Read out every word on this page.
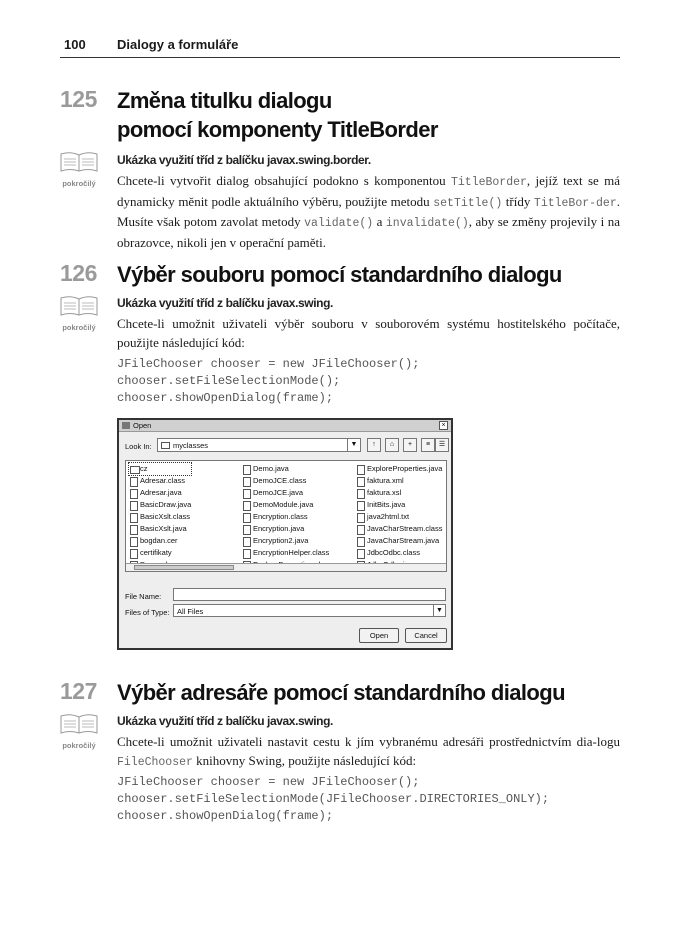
100 Dialogy a formuláře
125 Změna titulku dialogu
pomocí komponenty TitleBorder
pokročilý
Ukázka využití tříd z balíčku javax.swing.border.

Chcete-li vytvořit dialog obsahující podokno s komponentou TitleBorder, jejíž text se má dynamicky měnit podle aktuálního výběru, použijte metodu setTitle() třídy TitleBor-der. Musíte však potom zavolat metody validate() a invalidate(), aby se změny projevily i na obrazovce, nikoli jen v operační paměti.

126 Výběr souboru pomocí standardního dialogu
pokročilý
Ukázka využití tříd z balíčku javax.swing.

Chcete-li umožnit uživateli výběr souboru v souborovém systému hostitelského počítače, použijte následující kód:

JFileChooser chooser = new JFileChooser();
chooser.setFileSelectionMode();
chooser.showOpenDialog(frame);
Open	×
Look In:	myclasses	▼	↑	⌂	+	≡	☰
cz
Adresar.class
Adresar.java
BasicDraw.java
BasicXslt.class
BasicXslt.java
bogdan.cer
certifikaty
Demo.java
DemoJCE.class
DemoJCE.java
DemoModule.java
Encryption.class
Encryption.java
Encryption2.java
EncryptionHelper.class
ExploreProperties.java
faktura.xml
faktura.xsl
InitBits.java
java2html.txt
JavaCharStream.class
JavaCharStream.java
JdbcOdbc.class
File Name:
Files of Type: All Files	▼
Open	Cancel
127 Výběr adresáře pomocí standardního dialogu
pokročilý
Ukázka využití tříd z balíčku javax.swing.

Chcete-li umožnit uživateli nastavit cestu k jím vybranému adresáři prostřednictvím dia-logu FileChooser knihovny Swing, použijte následující kód:

JFileChooser chooser = new JFileChooser();
chooser.setFileSelectionMode(JFileChooser.DIRECTORIES_ONLY);
chooser.showOpenDialog(frame);
